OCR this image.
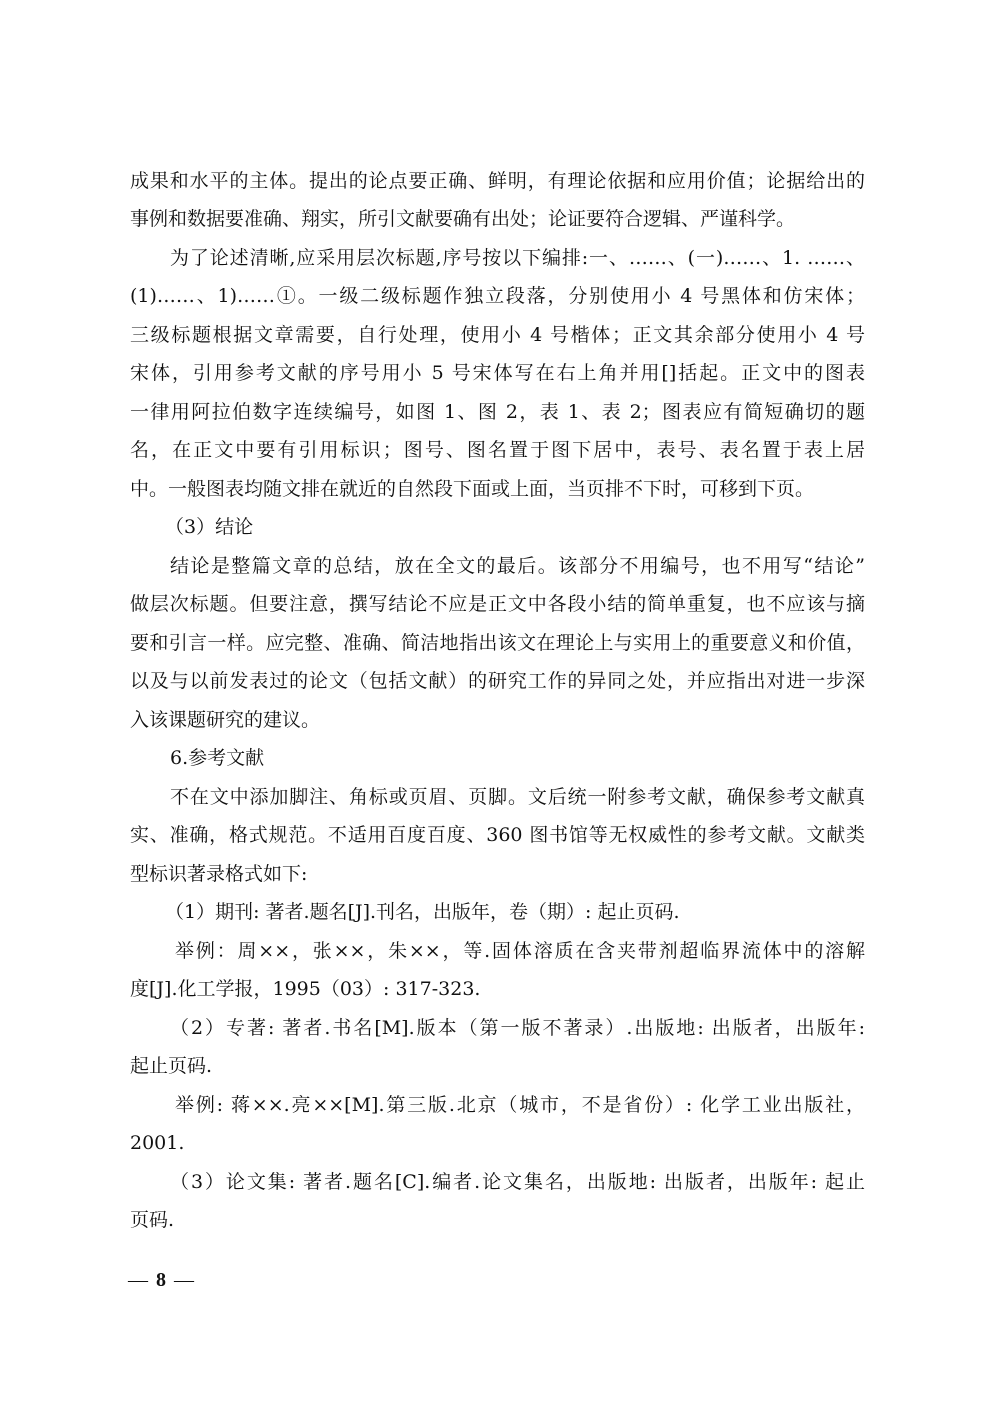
成果和水平的主体。提出的论点要正确、鲜明，有理论依据和应用价值；论据给出的
事例和数据要准确、翔实，所引文献要确有出处；论证要符合逻辑、严谨科学。
为了论述清晰,应采用层次标题,序号按以下编排:一、……、(一)……、1. ……、
(1)……、1)……①。一级二级标题作独立段落，分别使用小 4 号黑体和仿宋体；
三级标题根据文章需要，自行处理，使用小 4 号楷体；正文其余部分使用小 4 号
宋体，引用参考文献的序号用小 5 号宋体写在右上角并用[]括起。正文中的图表
一律用阿拉伯数字连续编号，如图 1、图 2，表 1、表 2；图表应有简短确切的题
名，在正文中要有引用标识；图号、图名置于图下居中，表号、表名置于表上居
中。一般图表均随文排在就近的自然段下面或上面，当页排不下时，可移到下页。
（3）结论
结论是整篇文章的总结，放在全文的最后。该部分不用编号，也不用写“结论”
做层次标题。但要注意，撰写结论不应是正文中各段小结的简单重复，也不应该与摘
要和引言一样。应完整、准确、简洁地指出该文在理论上与实用上的重要意义和价值，
以及与以前发表过的论文（包括文献）的研究工作的异同之处，并应指出对进一步深
入该课题研究的建议。
6.参考文献
不在文中添加脚注、角标或页眉、页脚。文后统一附参考文献，确保参考文献真
实、准确，格式规范。不适用百度百度、360 图书馆等无权威性的参考文献。文献类
型标识著录格式如下:
（1）期刊: 著者.题名[J].刊名，出版年，卷（期）: 起止页码.
举例：周××，张××，朱××，等.固体溶质在含夹带剂超临界流体中的溶解
度[J].化工学报，1995（03）: 317-323.
（2）专著: 著者.书名[M].版本（第一版不著录）.出版地: 出版者，出版年:
起止页码.
举例: 蒋××.亮××[M].第三版.北京（城市，不是省份）: 化学工业出版社，
2001.
（3）论文集: 著者.题名[C].编者.论文集名，出版地: 出版者，出版年: 起止
页码.
— 8 —
